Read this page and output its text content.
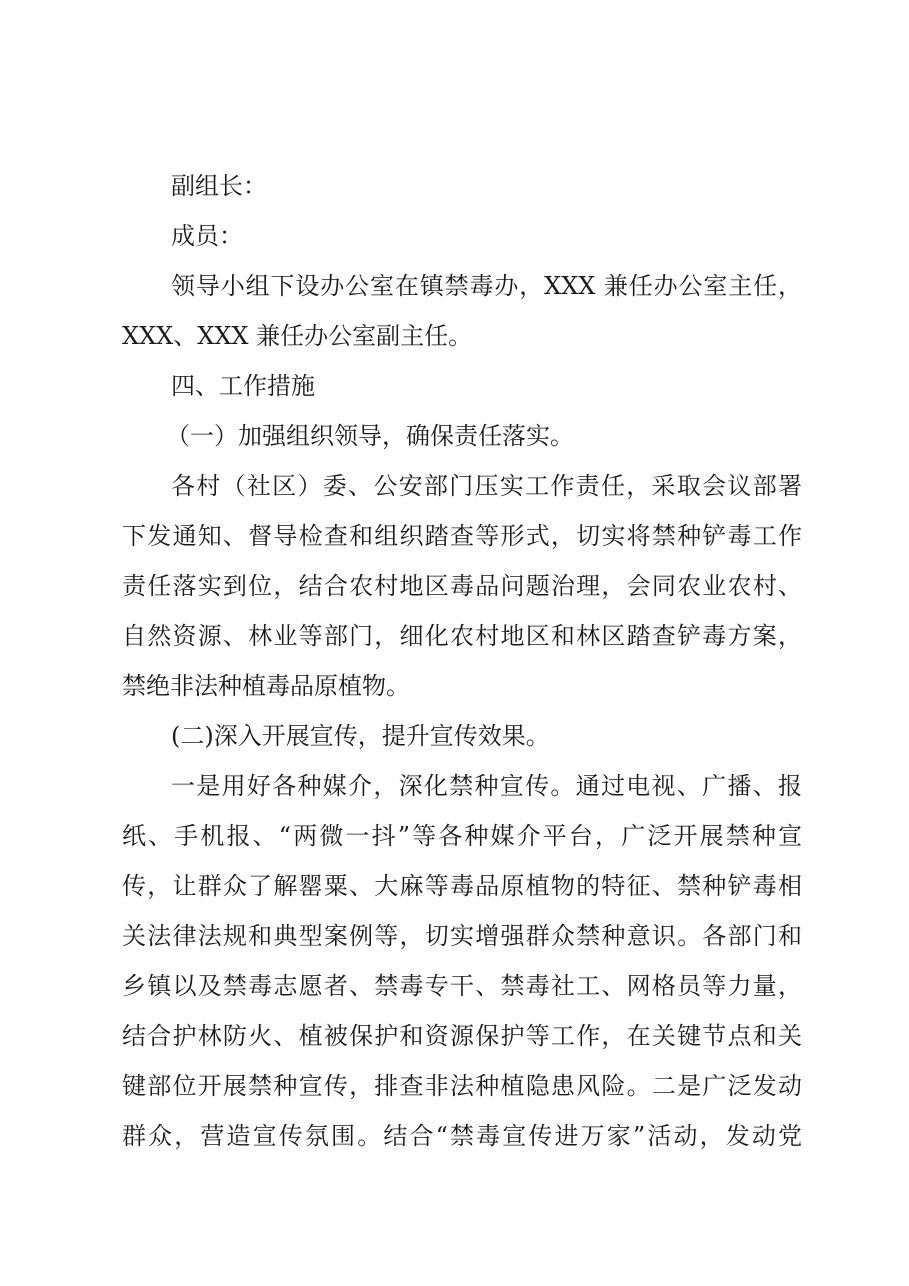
副组长：
成员：
领导小组下设办公室在镇禁毒办，XXX 兼任办公室主任，
XXX、XXX 兼任办公室副主任。
四、工作措施
（一）加强组织领导，确保责任落实。
各村（社区）委、公安部门压实工作责任，采取会议部署
下发通知、督导检查和组织踏查等形式，切实将禁种铲毒工作
责任落实到位，结合农村地区毒品问题治理，会同农业农村、
自然资源、林业等部门，细化农村地区和林区踏查铲毒方案，
禁绝非法种植毒品原植物。
(二)深入开展宣传，提升宣传效果。
一是用好各种媒介，深化禁种宣传。通过电视、广播、报
纸、手机报、“两微一抖”等各种媒介平台，广泛开展禁种宣
传，让群众了解罂粟、大麻等毒品原植物的特征、禁种铲毒相
关法律法规和典型案例等，切实增强群众禁种意识。各部门和
乡镇以及禁毒志愿者、禁毒专干、禁毒社工、网格员等力量，
结合护林防火、植被保护和资源保护等工作，在关键节点和关
键部位开展禁种宣传，排查非法种植隐患风险。二是广泛发动
群众，营造宣传氛围。结合“禁毒宣传进万家”活动，发动党
